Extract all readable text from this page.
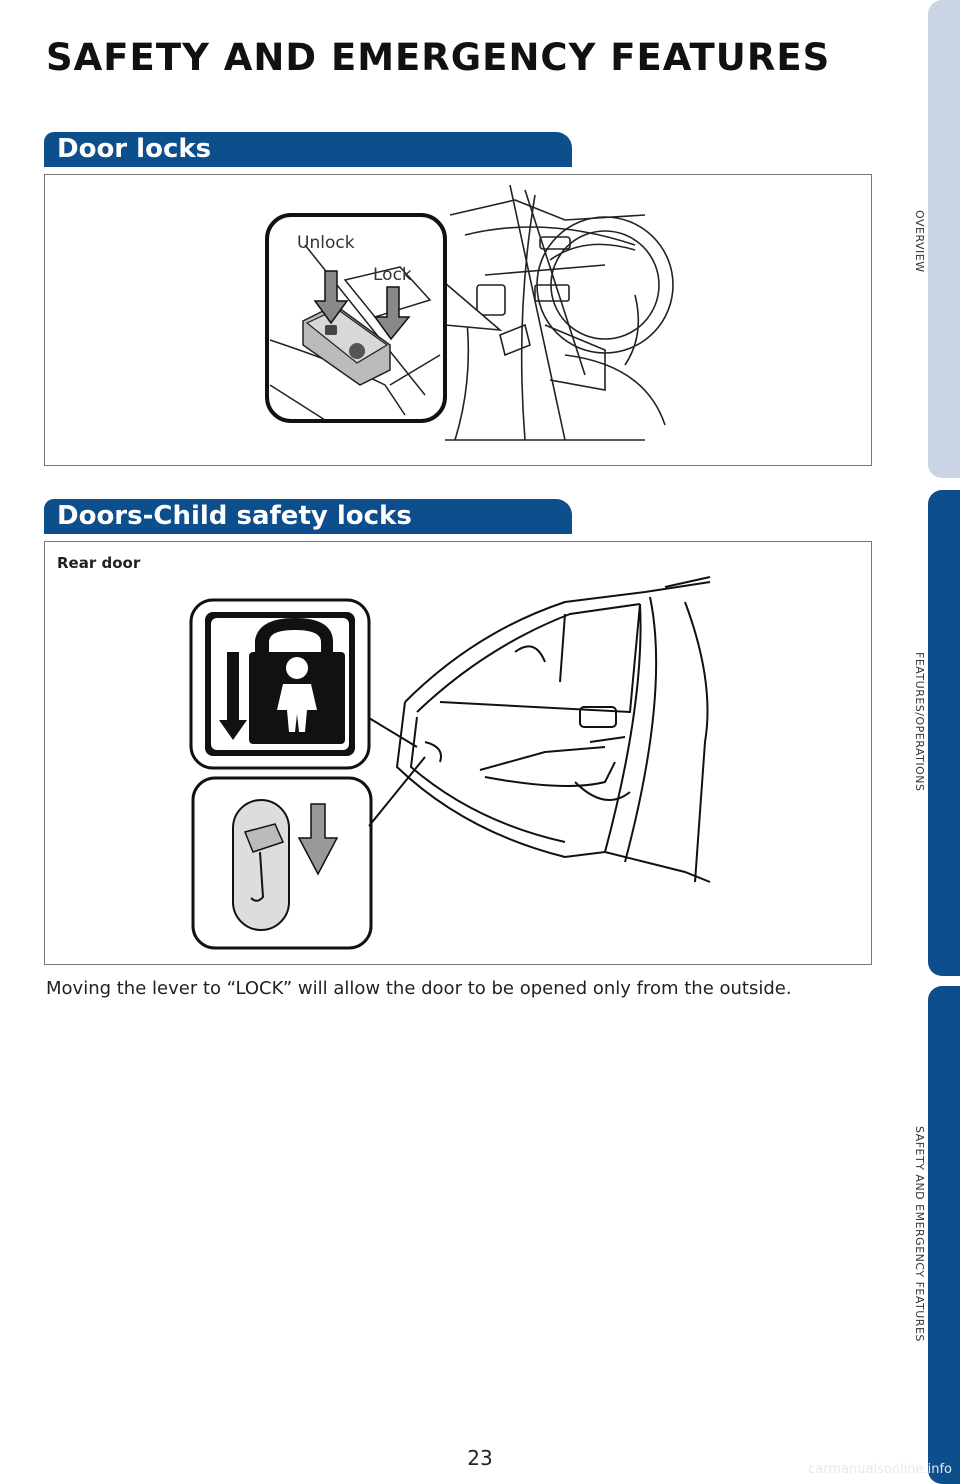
SAFETY AND EMERGENCY FEATURES
Door locks
Unlock
Lock
Doors-Child safety locks
Rear door

Moving the lever to “LOCK” will allow the door to be opened only from the outside.

OVERVIEW
FEATURES/OPERATIONS
SAFETY AND EMERGENCY FEATURES
23	carmanualsonline.info
